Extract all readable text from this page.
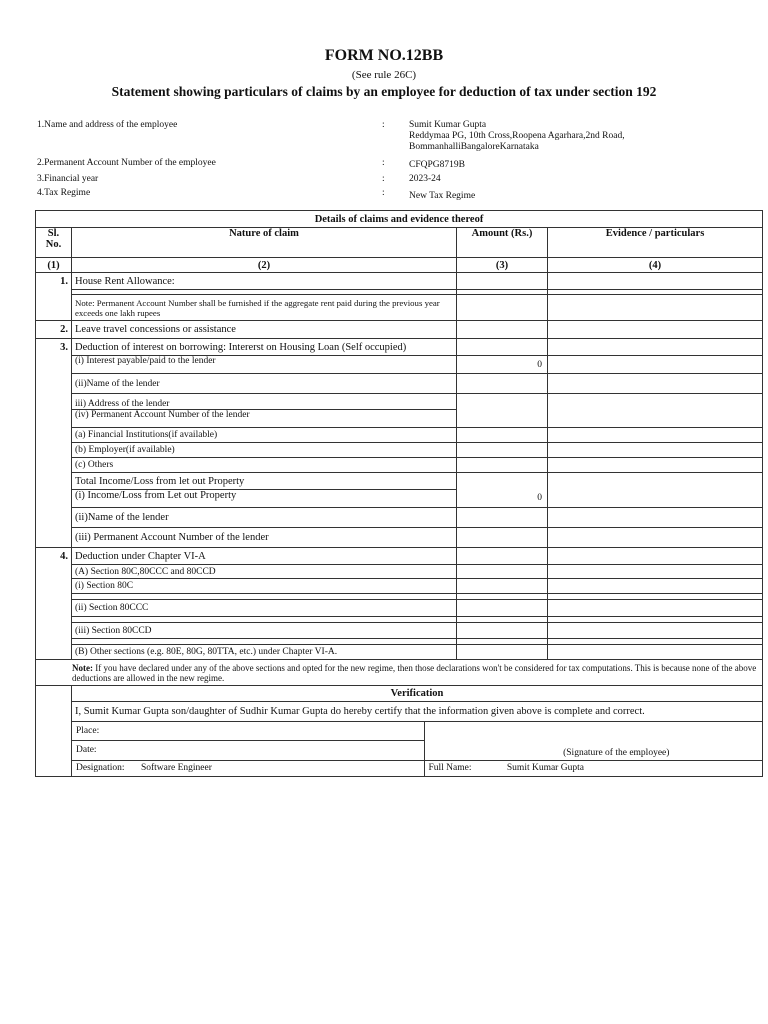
FORM NO.12BB
(See rule 26C)
Statement showing particulars of claims by an employee for deduction of tax under section 192
1.Name and address of the employee	:	Sumit Kumar Gupta
Reddymaa PG, 10th Cross,Roopena Agarhara,2nd Road,
BommanhalliBangaloreKarnataka
2.Permanent Account Number of the employee	:	CFQPG8719B
3.Financial year	:	2023-24
4.Tax Regime	:	New Tax Regime
Details of claims and evidence thereof
Sl. No.	Nature of claim	Amount (Rs.)	Evidence / particulars
(1)	(2)	(3)	(4)
1.	House Rent Allowance:		

	Note: Permanent Account Number shall be furnished if the aggregate rent paid during the previous year exceeds one lakh rupees		
2.	Leave travel concessions or assistance		
3.	Deduction of interest on borrowing: Intererst on Housing Loan (Self occupied)		
	(i) Interest payable/paid to the lender	0	
	(ii)Name of the lender		
	iii) Address of the lender		
	(iv) Permanent Account Number of the lender		
	(a) Financial Institutions(if available)		
	(b) Employer(if available)		
	(c) Others		
	Total Income/Loss from let out Property		
	(i) Income/Loss from Let out Property	0	
	(ii)Name of the lender		
	(iii) Permanent Account Number of the lender		
4.	Deduction under Chapter VI-A		
	(A) Section 80C,80CCC and 80CCD		
	(i) Section 80C		

	(ii) Section 80CCC		

	(iii) Section 80CCD		

	(B) Other sections (e.g. 80E, 80G, 80TTA, etc.) under Chapter VI-A.		
Note: If you have declared under any of the above sections and opted for the new regime, then those declarations won't be considered for tax computations. This is because none of the above deductions are allowed in the new regime.
	Verification
	I, Sumit Kumar Gupta son/daughter of Sudhir Kumar Gupta do hereby certify that the information given above is complete and correct.

Place:	(Signature of the employee)
Date:
Designation: Software Engineer	Full Name:	Sumit Kumar Gupta
